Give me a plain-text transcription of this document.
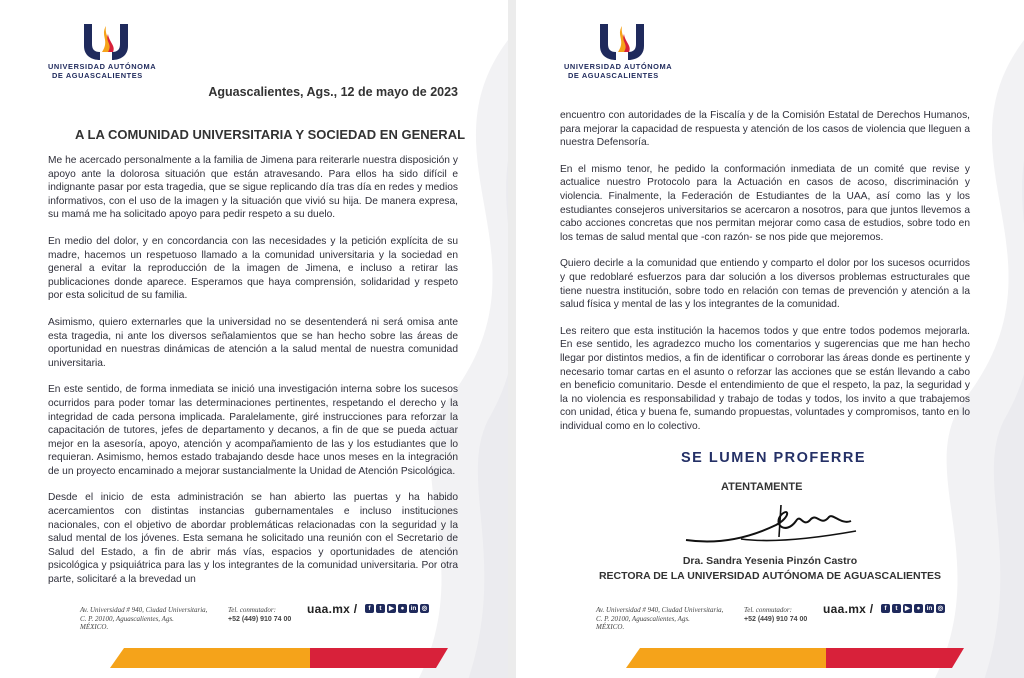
UNIVERSIDAD AUTÓNOMA
DE AGUASCALIENTES
Aguascalientes, Ags., 12 de mayo de 2023
A LA COMUNIDAD UNIVERSITARIA Y SOCIEDAD EN GENERAL

Me he acercado personalmente a la familia de Jimena para reiterarle nuestra disposición y apoyo ante la dolorosa situación que están atravesando. Para ellos ha sido difícil e indignante pasar por esta tragedia, que se sigue replicando día tras día en redes y medios informativos, con el uso de la imagen y la situación que vivió su hija. De manera expresa, su mamá me ha solicitado apoyo para pedir respeto a su duelo.

En medio del dolor, y en concordancia con las necesidades y la petición explícita de su madre, hacemos un respetuoso llamado a la comunidad universitaria y la sociedad en general a evitar la reproducción de la imagen de Jimena, e incluso a retirar las publicaciones donde aparece. Esperamos que haya comprensión, solidaridad y respeto por esta solicitud de su familia.

Asimismo, quiero externarles que la universidad no se desentenderá ni será omisa ante esta tragedia, ni ante los diversos señalamientos que se han hecho sobre las áreas de oportunidad en nuestras dinámicas de atención a la salud mental de nuestra comunidad universitaria.

En este sentido, de forma inmediata se inició una investigación interna sobre los sucesos ocurridos para poder tomar las determinaciones pertinentes, respetando el derecho y la integridad de cada persona implicada. Paralelamente, giré instrucciones para reforzar la capacitación de tutores, jefes de departamento y decanos, a fin de que se pueda actuar mejor en la asesoría, apoyo, atención y acompañamiento de las y los estudiantes que lo requieran. Asimismo, hemos estado trabajando desde hace unos meses en la integración de un proyecto encaminado a mejorar sustancialmente la Unidad de Atención Psicológica.

Desde el inicio de esta administración se han abierto las puertas y ha habido acercamientos con distintas instancias gubernamentales e incluso instituciones nacionales, con el objetivo de abordar problemáticas relacionadas con la seguridad y la salud mental de los jóvenes. Esta semana he solicitado una reunión con el Secretario de Salud del Estado, a fin de abrir más vías, espacios y oportunidades de atención psicológica y psiquiátrica para las y los integrantes de la comunidad universitaria. Por otra parte, solicitaré a la brevedad un

Av. Universidad # 940, Ciudad Universitaria,
C. P. 20100, Aguascalientes, Ags.
MÉXICO.
Tel. conmutador:
+52 (449) 910 74 00
uaa.mx /	f	t	▶	● in ◎
UNIVERSIDAD AUTÓNOMA
DE AGUASCALIENTES

encuentro con autoridades de la Fiscalía y de la Comisión Estatal de Derechos Humanos, para mejorar la capacidad de respuesta y atención de los casos de violencia que lleguen a nuestra Defensoría.

En el mismo tenor, he pedido la conformación inmediata de un comité que revise y actualice nuestro Protocolo para la Actuación en casos de acoso, discriminación y violencia. Finalmente, la Federación de Estudiantes de la UAA, así como las y los estudiantes consejeros universitarios se acercaron a nosotros, para que juntos llevemos a cabo acciones concretas que nos permitan mejorar como casa de estudios, sobre todo en los temas de salud mental que -con razón- se nos pide que mejoremos.

Quiero decirle a la comunidad que entiendo y comparto el dolor por los sucesos ocurridos y que redoblaré esfuerzos para dar solución a los diversos problemas estructurales que tiene nuestra institución, sobre todo en relación con temas de prevención y atención a la salud física y mental de las y los integrantes de la comunidad.

Les reitero que esta institución la hacemos todos y que entre todos podemos mejorarla. En ese sentido, les agradezco mucho los comentarios y sugerencias que me han hecho llegar por distintos medios, a fin de identificar o corroborar las áreas donde es pertinente y necesario tomar cartas en el asunto o reforzar las acciones que se están llevando a cabo en beneficio comunitario. Desde el entendimiento de que el respeto, la paz, la seguridad y la no violencia es responsabilidad y trabajo de todas y todos, los invito a que trabajemos con unidad, ética y buena fe, sumando propuestas, voluntades y compromisos, tanto en lo individual como en lo colectivo.

SE LUMEN PROFERRE
ATENTAMENTE
Dra. Sandra Yesenia Pinzón Castro
RECTORA DE LA UNIVERSIDAD AUTÓNOMA DE AGUASCALIENTES
Av. Universidad # 940, Ciudad Universitaria,
C. P. 20100, Aguascalientes, Ags.
MÉXICO.
Tel. conmutador:
+52 (449) 910 74 00
uaa.mx /	f	t	▶	● in ◎
